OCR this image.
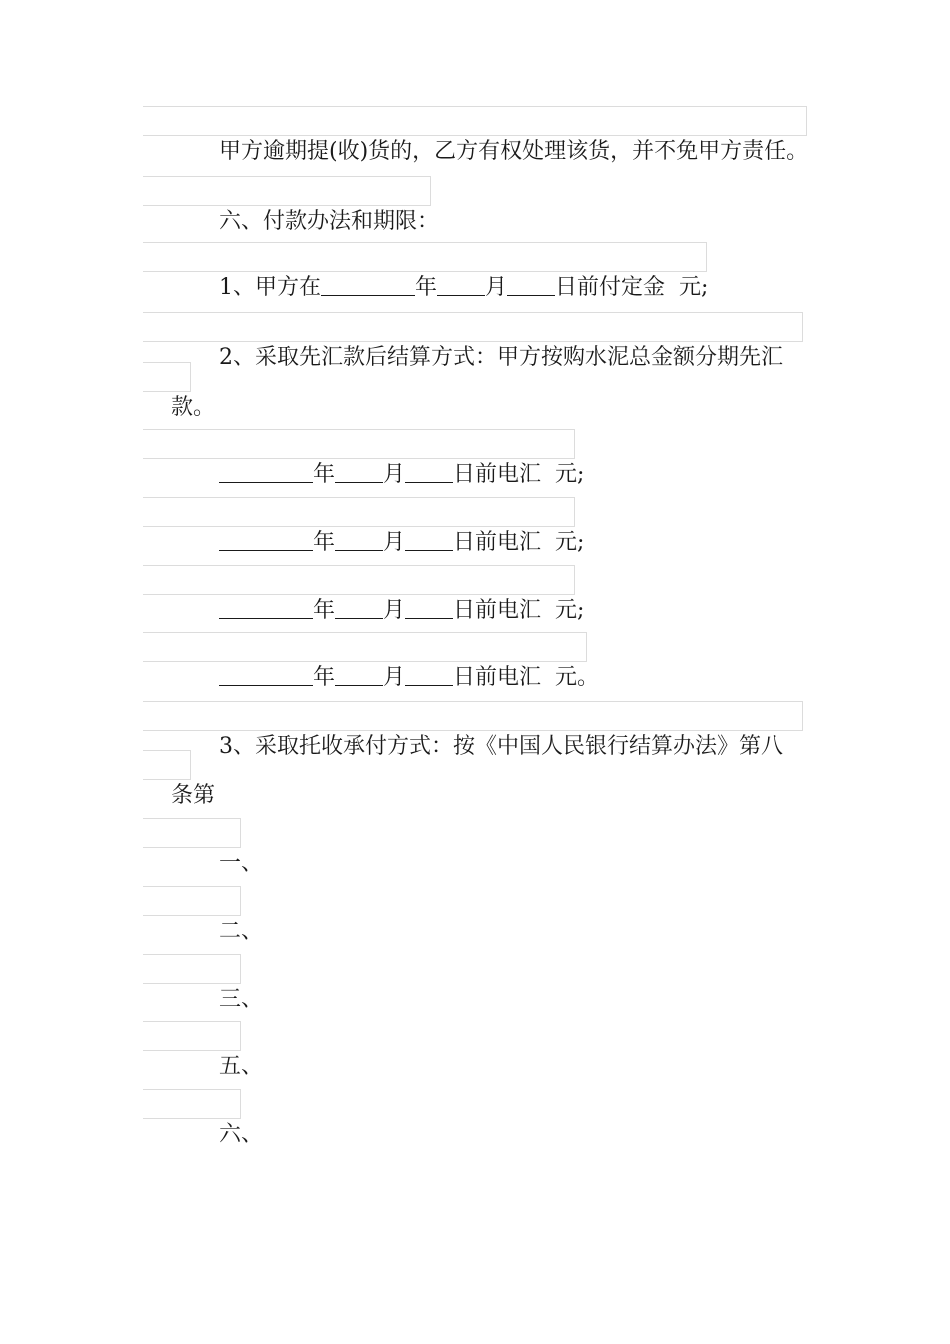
甲方逾期提(收)货的，乙方有权处理该货，并不免甲方责任。

六、付款办法和期限：

1、甲方在	年 月 日前付定金  元;

2、采取先汇款后结算方式：甲方按购水泥总金额分期先汇

款。

年 月 日前电汇  元;

年 月 日前电汇  元;

年 月 日前电汇  元;

年 月 日前电汇  元。

3、采取托收承付方式：按《中国人民银行结算办法》第八

条第

一、

二、

三、

五、

六、
